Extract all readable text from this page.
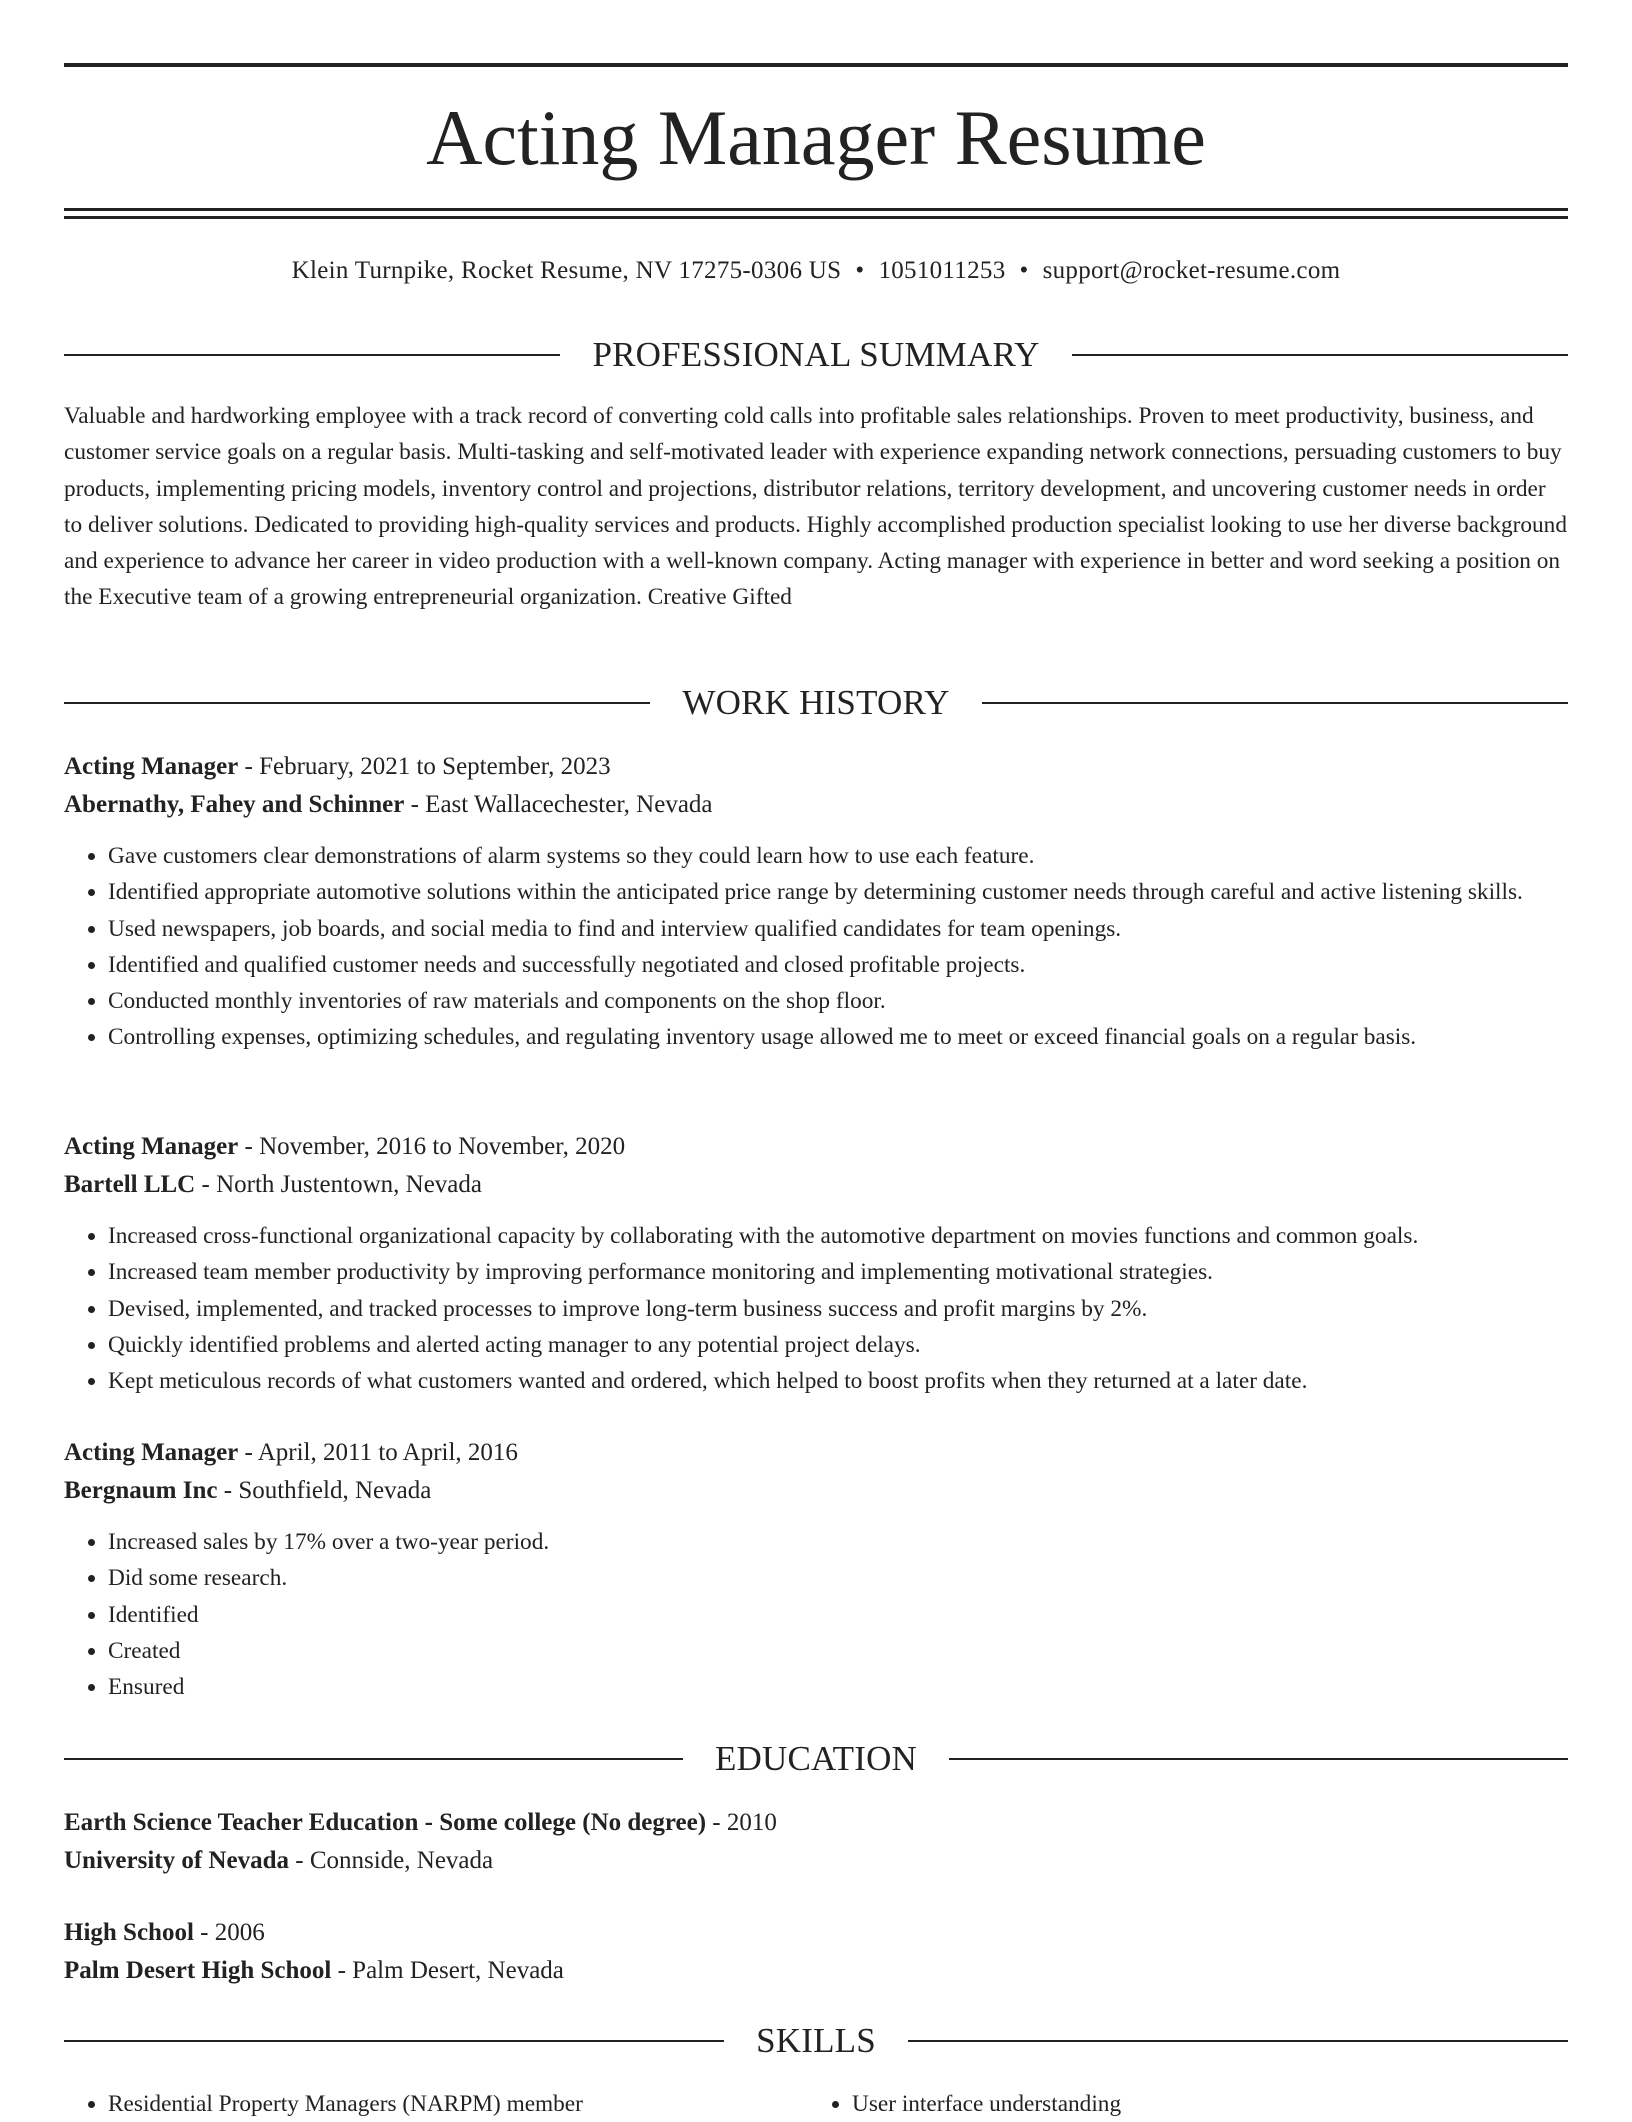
Acting Manager Resume
Klein Turnpike, Rocket Resume, NV 17275-0306 US • 1051011253 • support@rocket-resume.com
PROFESSIONAL SUMMARY

Valuable and hardworking employee with a track record of converting cold calls into profitable sales relationships. Proven to meet productivity, business, and customer service goals on a regular basis. Multi-tasking and self-motivated leader with experience expanding network connections, persuading customers to buy products, implementing pricing models, inventory control and projections, distributor relations, territory development, and uncovering customer needs in order to deliver solutions. Dedicated to providing high-quality services and products. Highly accomplished production specialist looking to use her diverse background and experience to advance her career in video production with a well-known company. Acting manager with experience in better and word seeking a position on the Executive team of a growing entrepreneurial organization. Creative Gifted

WORK HISTORY

Acting Manager - February, 2021 to September, 2023

Abernathy, Fahey and Schinner - East Wallacechester, Nevada

• Gave customers clear demonstrations of alarm systems so they could learn how to use each feature.
• Identified appropriate automotive solutions within the anticipated price range by determining customer needs through careful and active listening skills.
• Used newspapers, job boards, and social media to find and interview qualified candidates for team openings.
• Identified and qualified customer needs and successfully negotiated and closed profitable projects.
• Conducted monthly inventories of raw materials and components on the shop floor.
• Controlling expenses, optimizing schedules, and regulating inventory usage allowed me to meet or exceed financial goals on a regular basis.

Acting Manager - November, 2016 to November, 2020

Bartell LLC - North Justentown, Nevada

• Increased cross-functional organizational capacity by collaborating with the automotive department on movies functions and common goals.
• Increased team member productivity by improving performance monitoring and implementing motivational strategies.
• Devised, implemented, and tracked processes to improve long-term business success and profit margins by 2%.
• Quickly identified problems and alerted acting manager to any potential project delays.
• Kept meticulous records of what customers wanted and ordered, which helped to boost profits when they returned at a later date.

Acting Manager - April, 2011 to April, 2016

Bergnaum Inc - Southfield, Nevada

• Increased sales by 17% over a two-year period.
• Did some research.
• Identified
• Created
• Ensured
EDUCATION

Earth Science Teacher Education - Some college (No degree) - 2010

University of Nevada - Connside, Nevada

High School - 2006

Palm Desert High School - Palm Desert, Nevada

SKILLS
• Residential Property Managers (NARPM) member
•	User interface understanding
